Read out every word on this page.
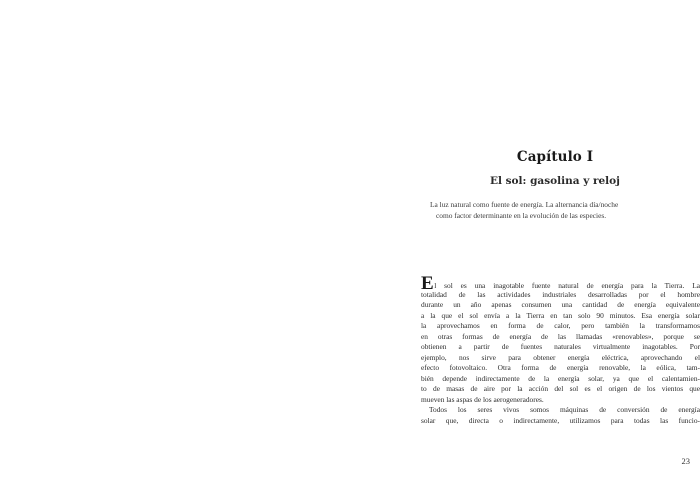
Capítulo I
El sol: gasolina y reloj

La luz natural como fuente de energía. La alternancia día/noche
como factor determinante en la evolución de las especies.

El sol es una inagotable fuente natural de energía para la Tierra. La
totalidad de las actividades industriales desarrolladas por el hombre
durante un año apenas consumen una cantidad de energía equivalente
a la que el sol envía a la Tierra en tan solo 90 minutos. Esa energía solar
la aprovechamos en forma de calor, pero también la transformamos
en otras formas de energía de las llamadas «renovables», porque se
obtienen a partir de fuentes naturales virtualmente inagotables. Por
ejemplo, nos sirve para obtener energía eléctrica, aprovechando el
efecto fotovoltaico. Otra forma de energía renovable, la eólica, tam-
bién depende indirectamente de la energía solar, ya que el calentamien-
to de masas de aire por la acción del sol es el origen de los vientos que
mueven las aspas de los aerogeneradores.
Todos los seres vivos somos máquinas de conversión de energía
solar que, directa o indirectamente, utilizamos para todas las funcio-

23
